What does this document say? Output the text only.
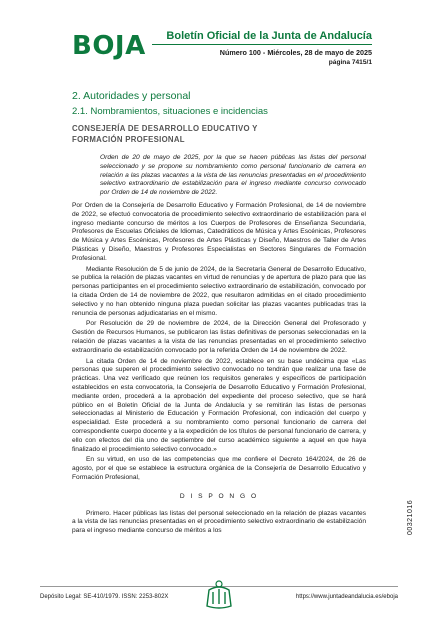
BOJA Boletín Oficial de la Junta de Andalucía
Número 100 - Miércoles, 28 de mayo de 2025
página 7415/1
2. Autoridades y personal
2.1. Nombramientos, situaciones e incidencias
CONSEJERÍA DE DESARROLLO EDUCATIVO Y FORMACIÓN PROFESIONAL
Orden de 20 de mayo de 2025, por la que se hacen públicas las listas del personal seleccionado y se propone su nombramiento como personal funcionario de carrera en relación a las plazas vacantes a la vista de las renuncias presentadas en el procedimiento selectivo extraordinario de estabilización para el ingreso mediante concurso convocado por Orden de 14 de noviembre de 2022.

Por Orden de la Consejería de Desarrollo Educativo y Formación Profesional, de 14 de noviembre de 2022, se efectuó convocatoria de procedimiento selectivo extraordinario de estabilización para el ingreso mediante concurso de méritos a los Cuerpos de Profesores de Enseñanza Secundaria, Profesores de Escuelas Oficiales de Idiomas, Catedráticos de Música y Artes Escénicas, Profesores de Música y Artes Escénicas, Profesores de Artes Plásticas y Diseño, Maestros de Taller de Artes Plásticas y Diseño, Maestros y Profesores Especialistas en Sectores Singulares de Formación Profesional.

Mediante Resolución de 5 de junio de 2024, de la Secretaría General de Desarrollo Educativo, se publica la relación de plazas vacantes en virtud de renuncias y de apertura de plazo para que las personas participantes en el procedimiento selectivo extraordinario de estabilización, convocado por la citada Orden de 14 de noviembre de 2022, que resultaron admitidas en el citado procedimiento selectivo y no han obtenido ninguna plaza puedan solicitar las plazas vacantes publicadas tras la renuncia de personas adjudicatarias en el mismo.

Por Resolución de 29 de noviembre de 2024, de la Dirección General del Profesorado y Gestión de Recursos Humanos, se publicaron las listas definitivas de personas seleccionadas en la relación de plazas vacantes a la vista de las renuncias presentadas en el procedimiento selectivo extraordinario de estabilización convocado por la referida Orden de 14 de noviembre de 2022.

La citada Orden de 14 de noviembre de 2022, establece en su base undécima que «Las personas que superen el procedimiento selectivo convocado no tendrán que realizar una fase de prácticas. Una vez verificado que reúnen los requisitos generales y específicos de participación establecidos en esta convocatoria, la Consejería de Desarrollo Educativo y Formación Profesional, mediante orden, procederá a la aprobación del expediente del proceso selectivo, que se hará público en el Boletín Oficial de la Junta de Andalucía y se remitirán las listas de personas seleccionadas al Ministerio de Educación y Formación Profesional, con indicación del cuerpo y especialidad. Este procederá a su nombramiento como personal funcionario de carrera del correspondiente cuerpo docente y a la expedición de los títulos de personal funcionario de carrera, y ello con efectos del día uno de septiembre del curso académico siguiente a aquel en que haya finalizado el procedimiento selectivo convocado.»

En su virtud, en uso de las competencias que me confiere el Decreto 164/2024, de 26 de agosto, por el que se establece la estructura orgánica de la Consejería de Desarrollo Educativo y Formación Profesional,

D I S P O N G O

Primero. Hacer públicas las listas del personal seleccionado en la relación de plazas vacantes a la vista de las renuncias presentadas en el procedimiento selectivo extraordinario de estabilización para el ingreso mediante concurso de méritos a los	00321016
Depósito Legal: SE-410/1979. ISSN: 2253-802X	https://www.juntadeandalucia.es/eboja
